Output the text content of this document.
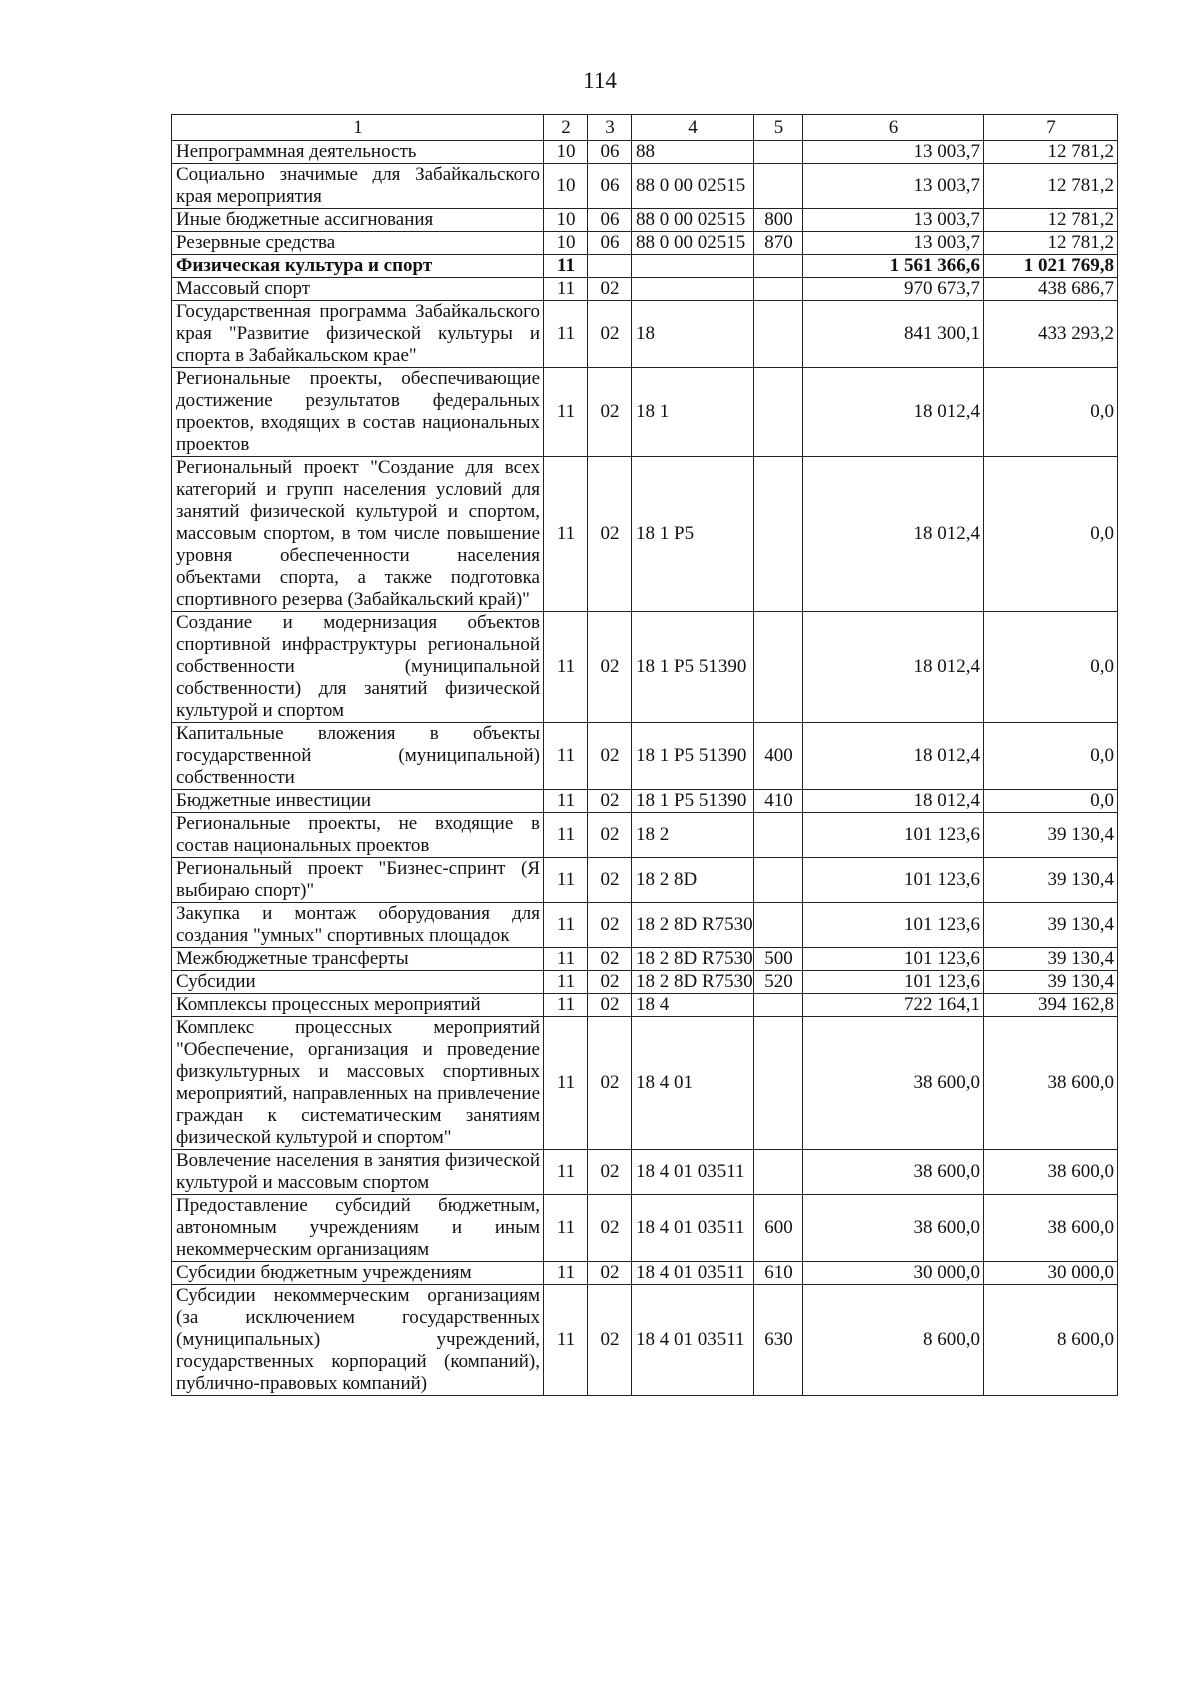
114
1	2	3	4	5	6	7
Непрограммная деятельность	10	06	88		13 003,7	12 781,2
Социально значимые для Забайкальского края мероприятия	10	06	88 0 00 02515		13 003,7	12 781,2
Иные бюджетные ассигнования	10	06	88 0 00 02515	800	13 003,7	12 781,2
Резервные средства	10	06	88 0 00 02515	870	13 003,7	12 781,2
Физическая культура и спорт	11				1 561 366,6	1 021 769,8
Массовый спорт	11	02			970 673,7	438 686,7
Государственная программа Забайкальского края "Развитие физической культуры и спорта в Забайкальском крае"	11	02	18		841 300,1	433 293,2
Региональные проекты, обеспечивающие достижение результатов федеральных проектов, входящих в состав национальных проектов	11	02	18 1		18 012,4	0,0
Региональный проект "Создание для всех категорий и групп населения условий для занятий физической культурой и спортом, массовым спортом, в том числе повышение уровня обеспеченности населения объектами спорта, а также подготовка спортивного резерва (Забайкальский край)"	11	02	18 1 P5		18 012,4	0,0
Создание и модернизация объектов спортивной инфраструктуры региональной собственности (муниципальной собственности) для занятий физической культурой и спортом	11	02	18 1 P5 51390		18 012,4	0,0
Капитальные вложения в объекты государственной (муниципальной) собственности	11	02	18 1 P5 51390	400	18 012,4	0,0
Бюджетные инвестиции	11	02	18 1 P5 51390	410	18 012,4	0,0
Региональные проекты, не входящие в состав национальных проектов	11	02	18 2		101 123,6	39 130,4
Региональный проект "Бизнес-спринт (Я выбираю спорт)"	11	02	18 2 8D		101 123,6	39 130,4
Закупка и монтаж оборудования для создания "умных" спортивных площадок	11	02	18 2 8D R7530		101 123,6	39 130,4
Межбюджетные трансферты	11	02	18 2 8D R7530	500	101 123,6	39 130,4
Субсидии	11	02	18 2 8D R7530	520	101 123,6	39 130,4
Комплексы процессных мероприятий	11	02	18 4		722 164,1	394 162,8
Комплекс процессных мероприятий "Обеспечение, организация и проведение физкультурных и массовых спортивных мероприятий, направленных на привлечение граждан к систематическим занятиям физической культурой и спортом"	11	02	18 4 01		38 600,0	38 600,0
Вовлечение населения в занятия физической культурой и массовым спортом	11	02	18 4 01 03511		38 600,0	38 600,0
Предоставление субсидий бюджетным, автономным учреждениям и иным некоммерческим организациям	11	02	18 4 01 03511	600	38 600,0	38 600,0
Субсидии бюджетным учреждениям	11	02	18 4 01 03511	610	30 000,0	30 000,0
Субсидии некоммерческим организациям (за исключением государственных (муниципальных) учреждений, государственных корпораций (компаний), публично-правовых компаний)	11	02	18 4 01 03511	630	8 600,0	8 600,0
